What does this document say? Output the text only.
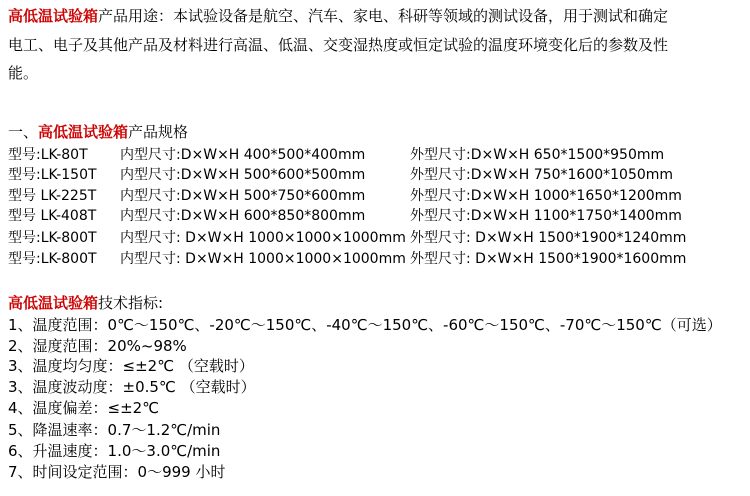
高低温试验箱产品用途：本试验设备是航空、汽车、家电、科研等领域的测试设备，用于测试和确定
电工、电子及其他产品及材料进行高温、低温、交变湿热度或恒定试验的温度环境变化后的参数及性
能。
一、高低温试验箱产品规格
型号:LK-80T 内型尺寸:D×W×H 400*500*400mm	外型尺寸:D×W×H 650*1500*950mm
型号:LK-150T 内型尺寸:D×W×H 500*600*500mm	外型尺寸:D×W×H 750*1600*1050mm
型号 LK-225T 内型尺寸:D×W×H 500*750*600mm	外型尺寸:D×W×H 1000*1650*1200mm
型号 LK-408T 内型尺寸:D×W×H 600*850*800mm	外型尺寸:D×W×H 1100*1750*1400mm
型号:LK-800T 内型尺寸: D×W×H 1000×1000×1000mm 外型尺寸: D×W×H 1500*1900*1240mm
型号:LK-800T 内型尺寸: D×W×H 1000×1000×1000mm 外型尺寸: D×W×H 1500*1900*1600mm
高低温试验箱技术指标:
1、温度范围：0℃～150℃、-20℃～150℃、-40℃～150℃、-60℃～150℃、-70℃～150℃（可选）
2、湿度范围：20%~98%
3、温度均匀度：≤±2℃ （空载时）
3、温度波动度：±0.5℃ （空载时）
4、温度偏差：≤±2℃
5、降温速率：0.7～1.2℃/min
6、升温速度：1.0～3.0℃/min
7、时间设定范围：0～999 小时
